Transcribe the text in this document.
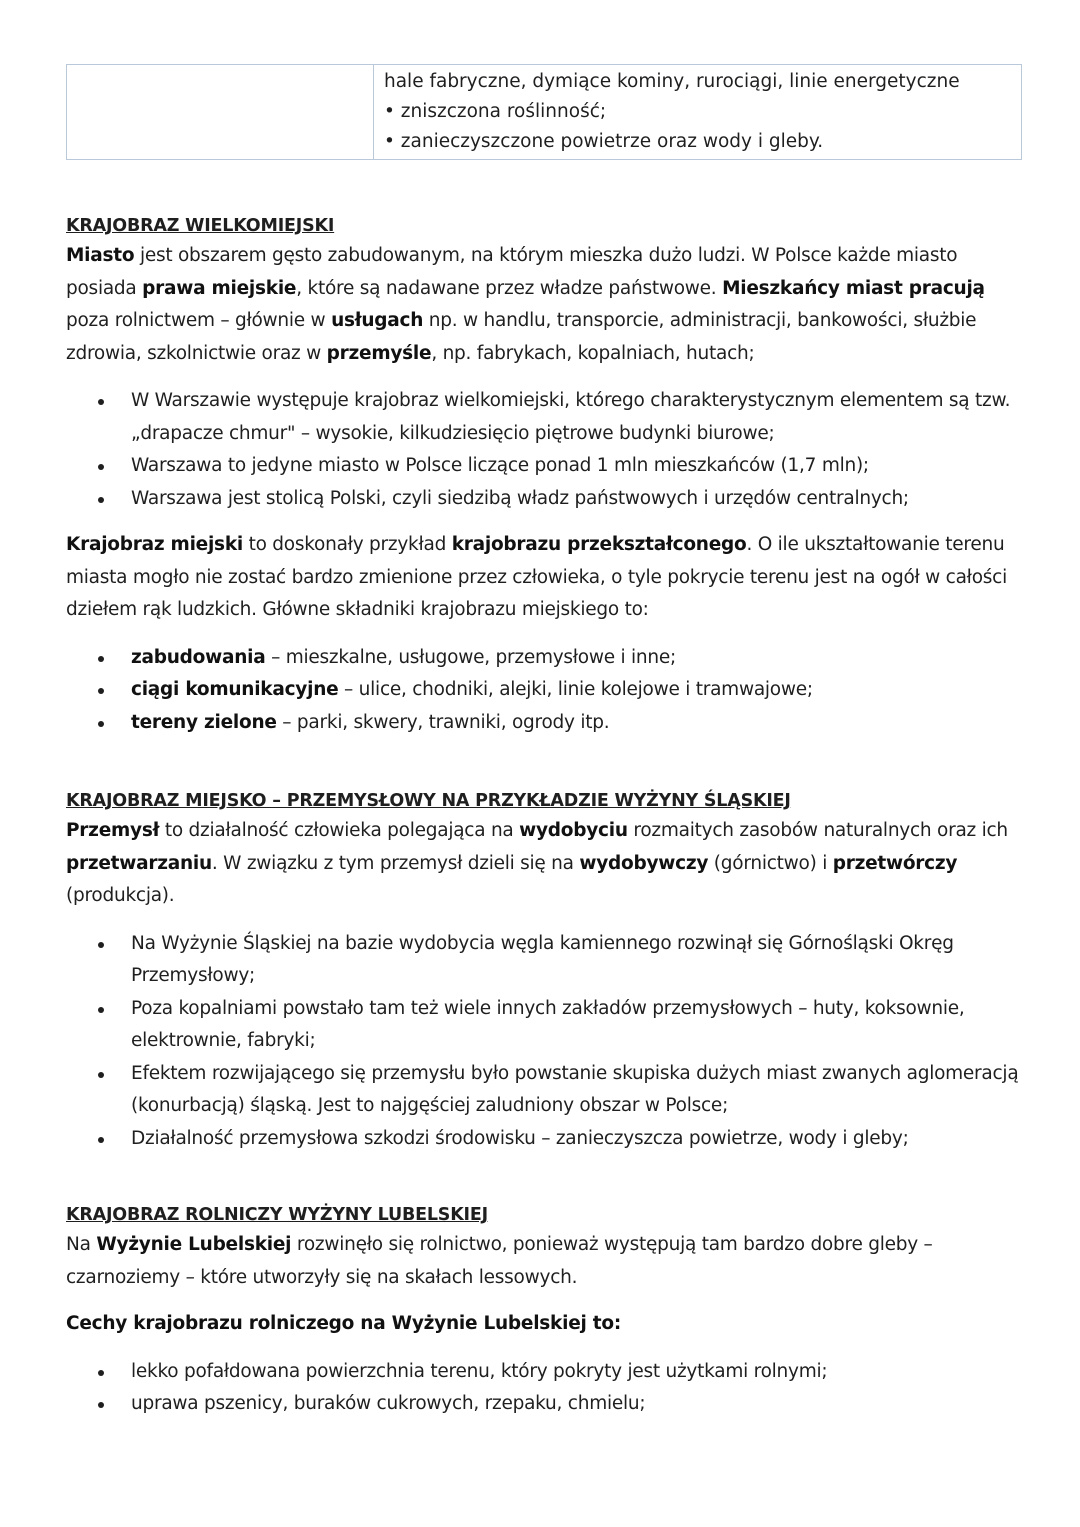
hale fabryczne, dymiące kominy, rurociągi, linie energetyczne
• zniszczona roślinność;
• zanieczyszczone powietrze oraz wody i gleby.
KRAJOBRAZ WIELKOMIEJSKI

Miasto jest obszarem gęsto zabudowanym, na którym mieszka dużo ludzi. W Polsce każde miasto posiada prawa miejskie, które są nadawane przez władze państwowe. Mieszkańcy miast pracują poza rolnictwem – głównie w usługach np. w handlu, transporcie, administracji, bankowości, służbie zdrowia, szkolnictwie oraz w przemyśle, np. fabrykach, kopalniach, hutach;

W Warszawie występuje krajobraz wielkomiejski, którego charakterystycznym elementem są tzw. „drapacze chmur" – wysokie, kilkudziesięcio piętrowe budynki biurowe;
Warszawa to jedyne miasto w Polsce liczące ponad 1 mln mieszkańców (1,7 mln);
Warszawa jest stolicą Polski, czyli siedzibą władz państwowych i urzędów centralnych;

Krajobraz miejski to doskonały przykład krajobrazu przekształconego. O ile ukształtowanie terenu miasta mogło nie zostać bardzo zmienione przez człowieka, o tyle pokrycie terenu jest na ogół w całości dziełem rąk ludzkich. Główne składniki krajobrazu miejskiego to:

zabudowania – mieszkalne, usługowe, przemysłowe i inne;
ciągi komunikacyjne – ulice, chodniki, alejki, linie kolejowe i tramwajowe;
tereny zielone – parki, skwery, trawniki, ogrody itp.
KRAJOBRAZ MIEJSKO – PRZEMYSŁOWY NA PRZYKŁADZIE WYŻYNY ŚLĄSKIEJ

Przemysł to działalność człowieka polegająca na wydobyciu rozmaitych zasobów naturalnych oraz ich przetwarzaniu. W związku z tym przemysł dzieli się na wydobywczy (górnictwo) i przetwórczy (produkcja).

Na Wyżynie Śląskiej na bazie wydobycia węgla kamiennego rozwinął się Górnośląski Okręg Przemysłowy;
Poza kopalniami powstało tam też wiele innych zakładów przemysłowych – huty, koksownie, elektrownie, fabryki;
Efektem rozwijającego się przemysłu było powstanie skupiska dużych miast zwanych aglomeracją (konurbacją) śląską. Jest to najgęściej zaludniony obszar w Polsce;
Działalność przemysłowa szkodzi środowisku – zanieczyszcza powietrze, wody i gleby;
KRAJOBRAZ ROLNICZY WYŻYNY LUBELSKIEJ

Na Wyżynie Lubelskiej rozwinęło się rolnictwo, ponieważ występują tam bardzo dobre gleby – czarnoziemy – które utworzyły się na skałach lessowych.

Cechy krajobrazu rolniczego na Wyżynie Lubelskiej to:

lekko pofałdowana powierzchnia terenu, który pokryty jest użytkami rolnymi;
uprawa pszenicy, buraków cukrowych, rzepaku, chmielu;
